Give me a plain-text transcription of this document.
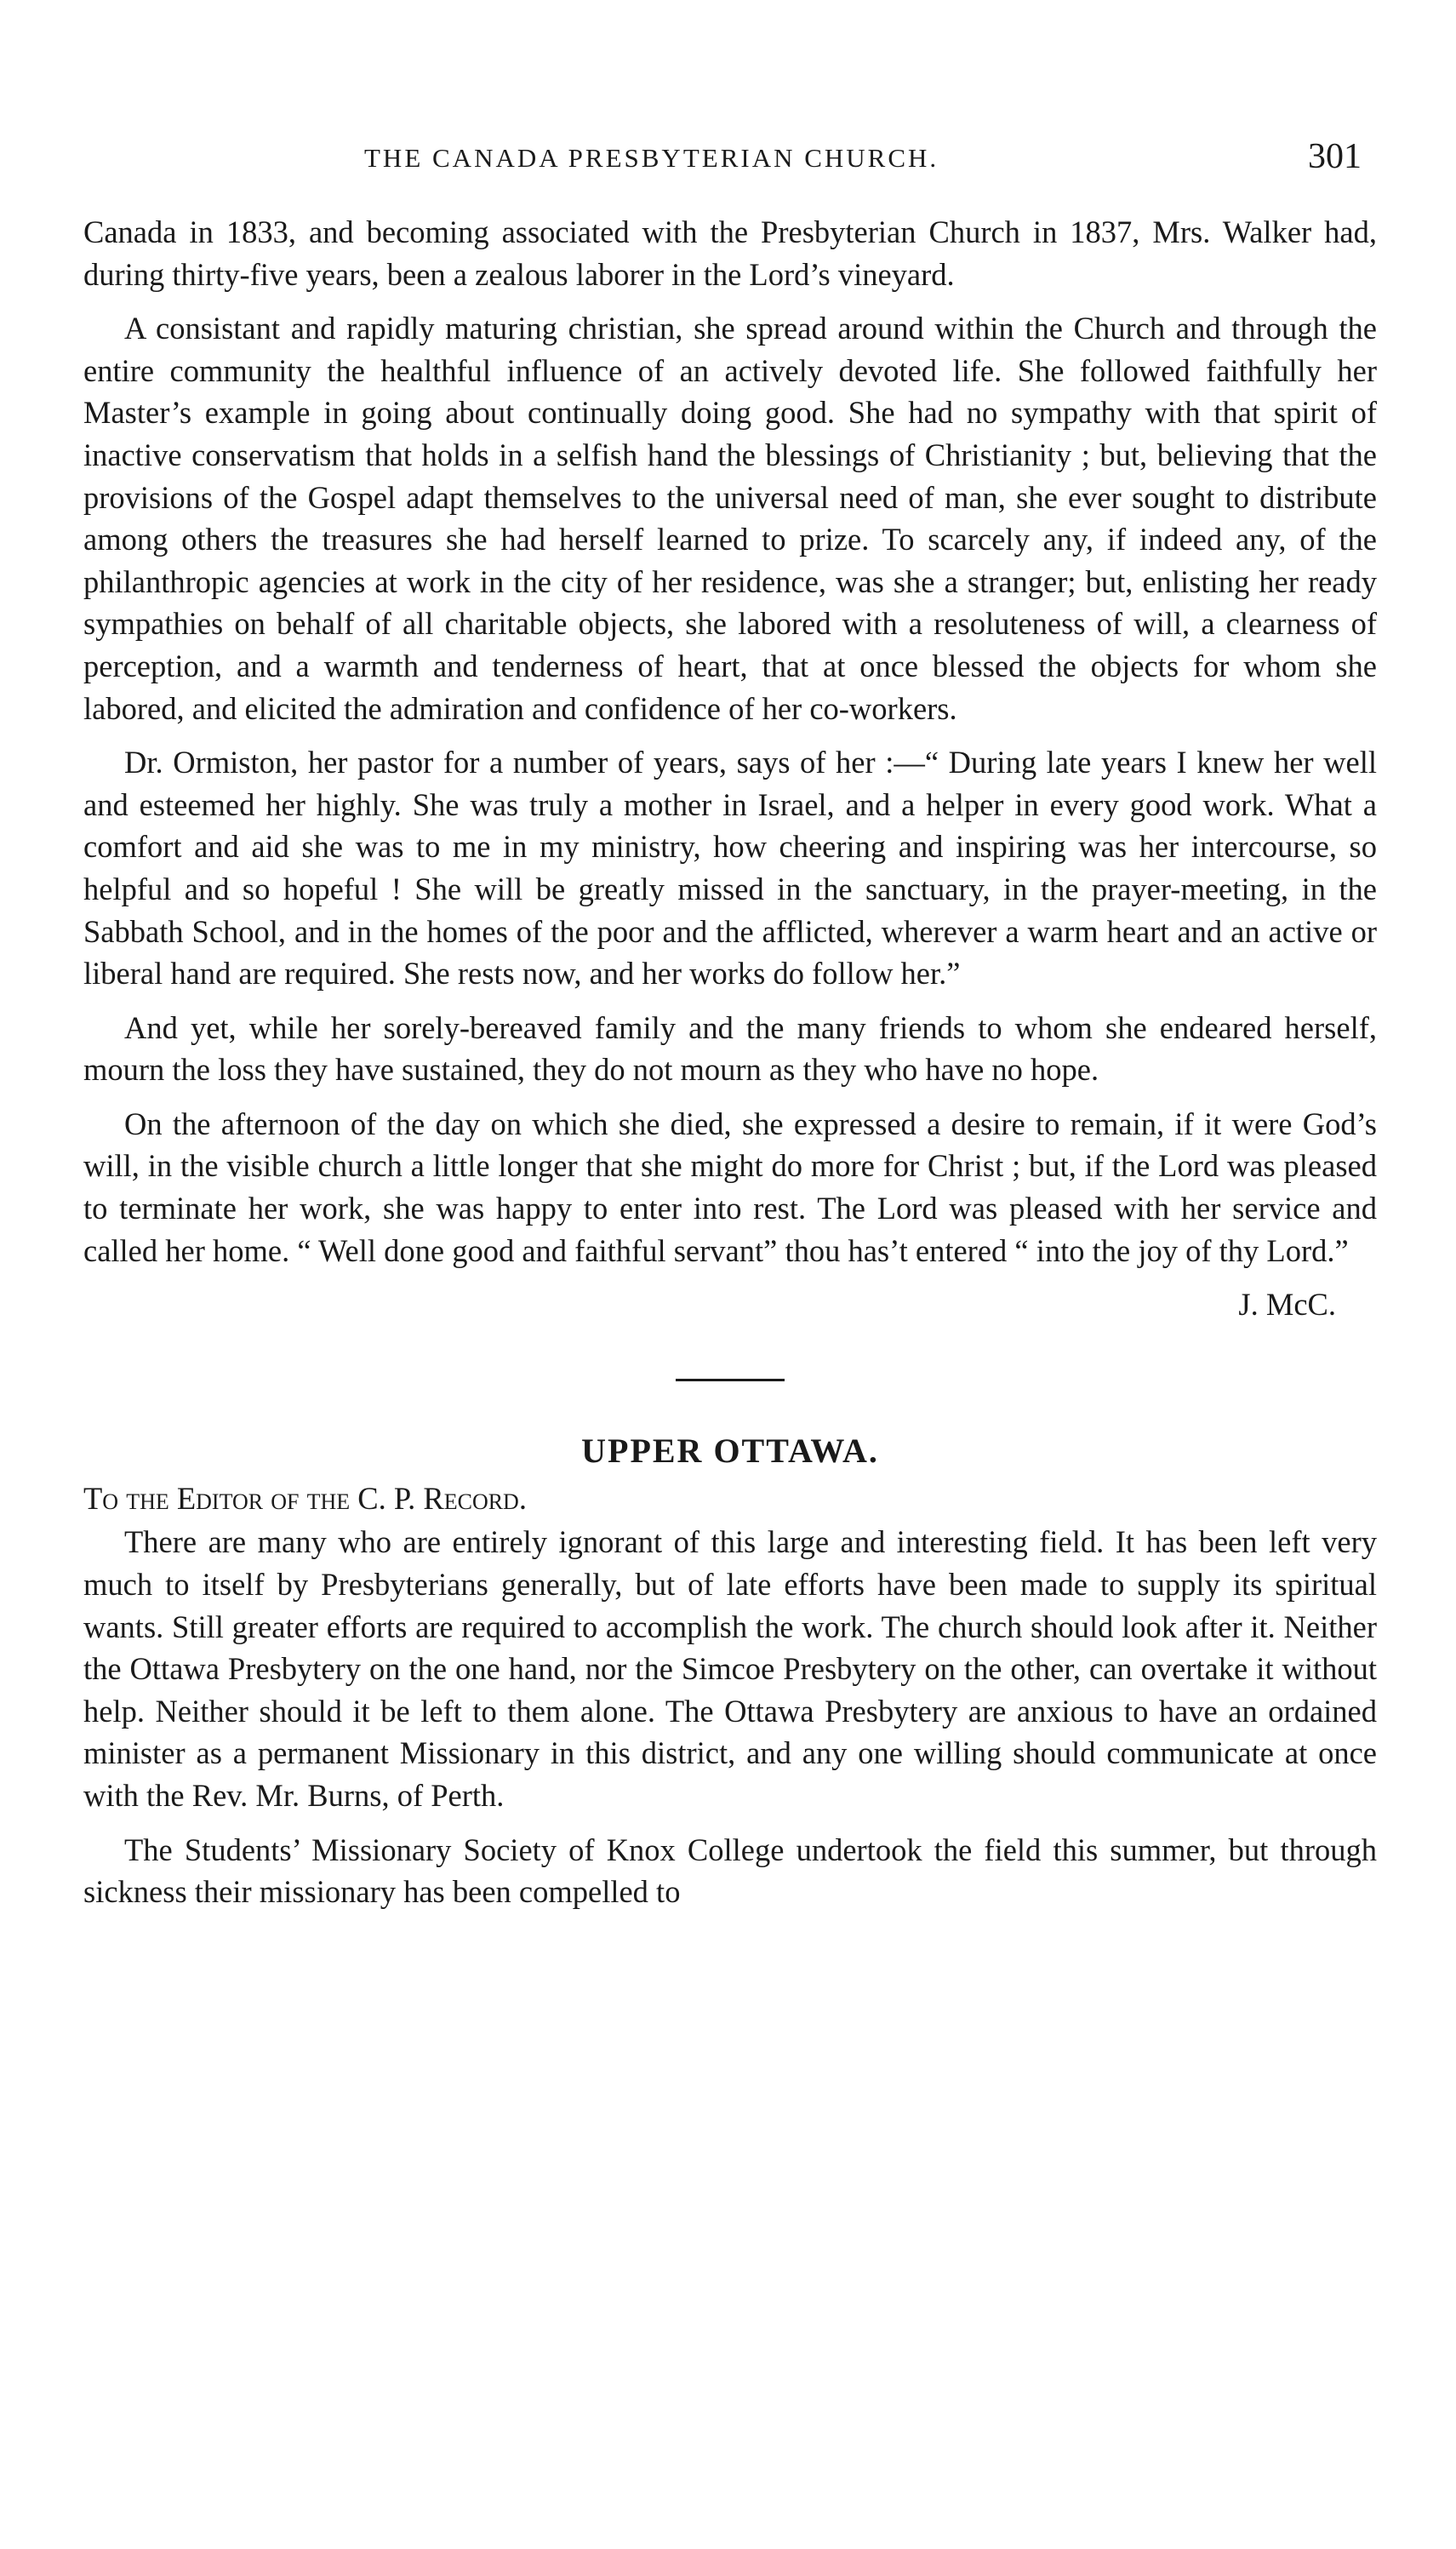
THE CANADA PRESBYTERIAN CHURCH.	301

Canada in 1833, and becoming associated with the Presbyterian Church in 1837, Mrs. Walker had, during thirty-five years, been a zealous laborer in the Lord’s vineyard.

A consistant and rapidly maturing christian, she spread around within the Church and through the entire community the healthful influence of an actively devoted life. She followed faithfully her Master’s example in going about continually doing good. She had no sympathy with that spirit of inactive conservatism that holds in a selfish hand the blessings of Christianity ; but, believing that the provisions of the Gospel adapt themselves to the universal need of man, she ever sought to distribute among others the treasures she had herself learned to prize. To scarcely any, if indeed any, of the philanthropic agencies at work in the city of her residence, was she a stranger; but, enlisting her ready sympathies on behalf of all charitable objects, she labored with a resoluteness of will, a clearness of perception, and a warmth and tenderness of heart, that at once blessed the objects for whom she labored, and elicited the admiration and confidence of her co-workers.

Dr. Ormiston, her pastor for a number of years, says of her :—“ During late years I knew her well and esteemed her highly. She was truly a mother in Israel, and a helper in every good work. What a comfort and aid she was to me in my ministry, how cheering and inspiring was her intercourse, so helpful and so hopeful ! She will be greatly missed in the sanctuary, in the prayer-meeting, in the Sabbath School, and in the homes of the poor and the afflicted, wherever a warm heart and an active or liberal hand are required. She rests now, and her works do follow her.”

And yet, while her sorely-bereaved family and the many friends to whom she endeared herself, mourn the loss they have sustained, they do not mourn as they who have no hope.

On the afternoon of the day on which she died, she expressed a desire to remain, if it were God’s will, in the visible church a little longer that she might do more for Christ ; but, if the Lord was pleased to terminate her work, she was happy to enter into rest. The Lord was pleased with her service and called her home. “ Well done good and faithful servant” thou has’t entered “ into the joy of thy Lord.”

J. McC.

UPPER OTTAWA.

To the Editor of the C. P. Record.

There are many who are entirely ignorant of this large and interesting field. It has been left very much to itself by Presbyterians generally, but of late efforts have been made to supply its spiritual wants. Still greater efforts are required to accomplish the work. The church should look after it. Neither the Ottawa Presbytery on the one hand, nor the Simcoe Presbytery on the other, can overtake it without help. Neither should it be left to them alone. The Ottawa Presbytery are anxious to have an ordained minister as a permanent Missionary in this district, and any one willing should communicate at once with the Rev. Mr. Burns, of Perth.

The Students’ Missionary Society of Knox College undertook the field this summer, but through sickness their missionary has been compelled to
